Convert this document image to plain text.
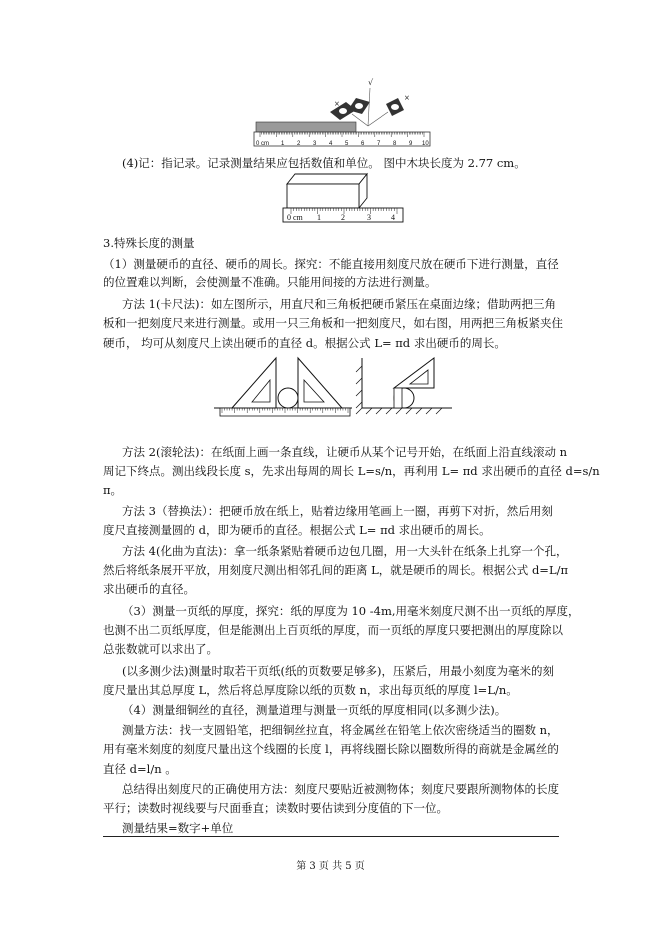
√
×
×
0 cm 1 2 3 4 5 6 7 8 9 10
(4)记：指记录。记录测量结果应包括数值和单位。 图中木块长度为 2.77 cm。
0 cm 1	2	3	4
3.特殊长度的测量
（1）测量硬币的直径、硬币的周长。探究：不能直接用刻度尺放在硬币下进行测量，直径
的位置难以判断，会使测量不准确。只能用间接的方法进行测量。
方法 1(卡尺法)：如左图所示，用直尺和三角板把硬币紧压在桌面边缘；借助两把三角
板和一把刻度尺来进行测量。或用一只三角板和一把刻度尺，如右图，用两把三角板紧夹住
硬币， 均可从刻度尺上读出硬币的直径 d。根据公式 L= πd 求出硬币的周长。
方法 2(滚轮法)：在纸面上画一条直线，让硬币从某个记号开始，在纸面上沿直线滚动 n
周记下终点。测出线段长度 s，先求出每周的周长 L=s/n，再利用 L= πd 求出硬币的直径 d=s/n
π。
方法 3（替换法）：把硬币放在纸上，贴着边缘用笔画上一圈，再剪下对折，然后用刻
度尺直接测量圆的 d，即为硬币的直径。根据公式 L= πd 求出硬币的周长。
方法 4(化曲为直法)：拿一纸条紧贴着硬币边包几圈，用一大头针在纸条上扎穿一个孔，
然后将纸条展开平放，用刻度尺测出相邻孔间的距离 L，就是硬币的周长。根据公式 d=L/π
求出硬币的直径。
（3）测量一页纸的厚度，探究：纸的厚度为 10 -4m,用毫米刻度尺测不出一页纸的厚度，
也测不出二页纸厚度，但是能测出上百页纸的厚度，而一页纸的厚度只要把测出的厚度除以
总张数就可以求出了。
(以多测少法)测量时取若干页纸(纸的页数要足够多)，压紧后，用最小刻度为毫米的刻
度尺量出其总厚度 L，然后将总厚度除以纸的页数 n，求出每页纸的厚度 l=L/n。
（4）测量细铜丝的直径，测量道理与测量一页纸的厚度相同(以多测少法)。
测量方法：找一支圆铅笔，把细铜丝拉直，将金属丝在铅笔上依次密绕适当的圈数 n，
用有毫米刻度的刻度尺量出这个线圈的长度 l，再将线圈长除以圈数所得的商就是金属丝的
直径 d=l/n 。
总结得出刻度尺的正确使用方法：刻度尺要贴近被测物体；刻度尺要跟所测物体的长度
平行；读数时视线要与尺面垂直；读数时要估读到分度值的下一位。
测量结果=数字+单位
第 3 页 共 5 页
